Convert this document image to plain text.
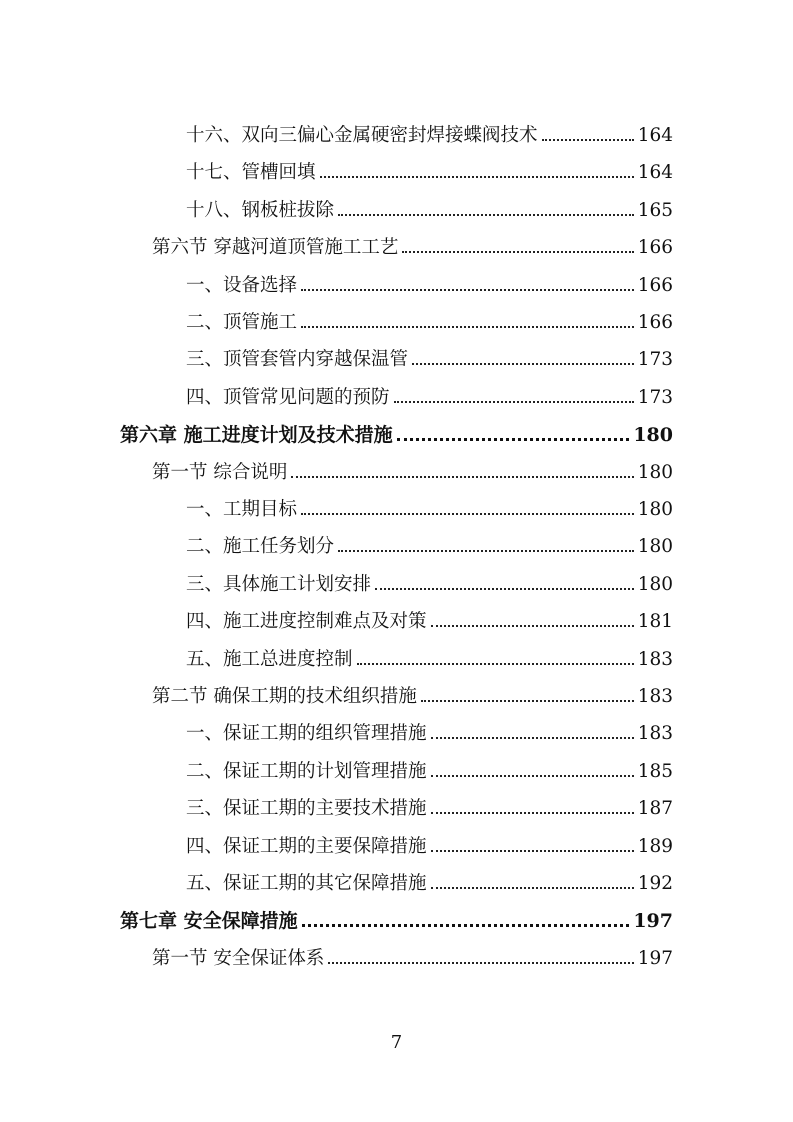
十六、双向三偏心金属硬密封焊接蝶阀技术	164
十七、管槽回填	164
十八、钢板桩拔除	165
第六节 穿越河道顶管施工工艺	166
一、设备选择	166
二、顶管施工	166
三、顶管套管内穿越保温管	173
四、顶管常见问题的预防	173
第六章 施工进度计划及技术措施	180
第一节 综合说明	180
一、工期目标	180
二、施工任务划分	180
三、具体施工计划安排	180
四、施工进度控制难点及对策	181
五、施工总进度控制	183
第二节 确保工期的技术组织措施	183
一、保证工期的组织管理措施	183
二、保证工期的计划管理措施	185
三、保证工期的主要技术措施	187
四、保证工期的主要保障措施	189
五、保证工期的其它保障措施	192
第七章 安全保障措施	197
第一节 安全保证体系	197
7
